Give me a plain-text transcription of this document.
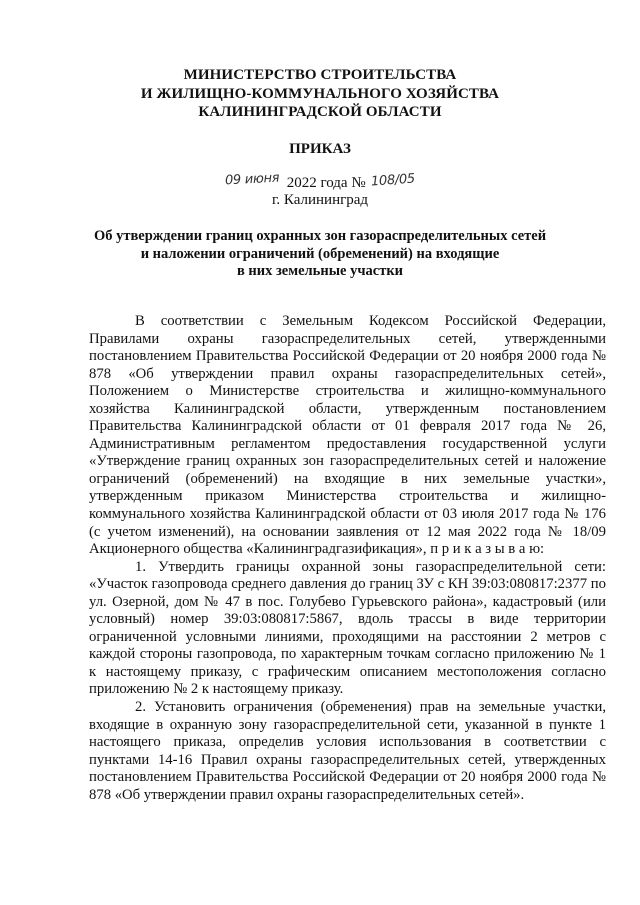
МИНИСТЕРСТВО СТРОИТЕЛЬСТВА
И ЖИЛИЩНО-КОММУНАЛЬНОГО ХОЗЯЙСТВА
КАЛИНИНГРАДСКОЙ ОБЛАСТИ
ПРИКАЗ
09 июня 2022 года № 108/05
г. Калининград
Об утверждении границ охранных зон газораспределительных сетей
и наложении ограничений (обременений) на входящие
в них земельные участки

В соответствии с Земельным Кодексом Российской Федерации, Правилами охраны газораспределительных сетей, утвержденными постановлением Правительства Российской Федерации от 20 ноября 2000 года № 878 «Об утверждении правил охраны газораспределительных сетей», Положением о Министерстве строительства и жилищно-коммунального хозяйства Калининградской области, утвержденным постановлением Правительства Калининградской области от 01 февраля 2017 года № 26, Административным регламентом предоставления государственной услуги «Утверждение границ охранных зон газораспределительных сетей и наложение ограничений (обременений) на входящие в них земельные участки», утвержденным приказом Министерства строительства и жилищно-коммунального хозяйства Калининградской области от 03 июля 2017 года № 176 (с учетом изменений), на основании заявления от 12 мая 2022 года № 18/09 Акционерного общества «Калининградгазификация», п р и к а з ы в а ю:

1. Утвердить границы охранной зоны газораспределительной сети: «Участок газопровода среднего давления до границ ЗУ с КН 39:03:080817:2377 по ул. Озерной, дом № 47 в пос. Голубево Гурьевского района», кадастровый (или условный) номер 39:03:080817:5867, вдоль трассы в виде территории ограниченной условными линиями, проходящими на расстоянии 2 метров с каждой стороны газопровода, по характерным точкам согласно приложению № 1 к настоящему приказу, с графическим описанием местоположения согласно приложению № 2 к настоящему приказу.

2. Установить ограничения (обременения) прав на земельные участки, входящие в охранную зону газораспределительной сети, указанной в пункте 1 настоящего приказа, определив условия использования в соответствии с пунктами 14-16 Правил охраны газораспределительных сетей, утвержденных постановлением Правительства Российской Федерации от 20 ноября 2000 года № 878 «Об утверждении правил охраны газораспределительных сетей».
